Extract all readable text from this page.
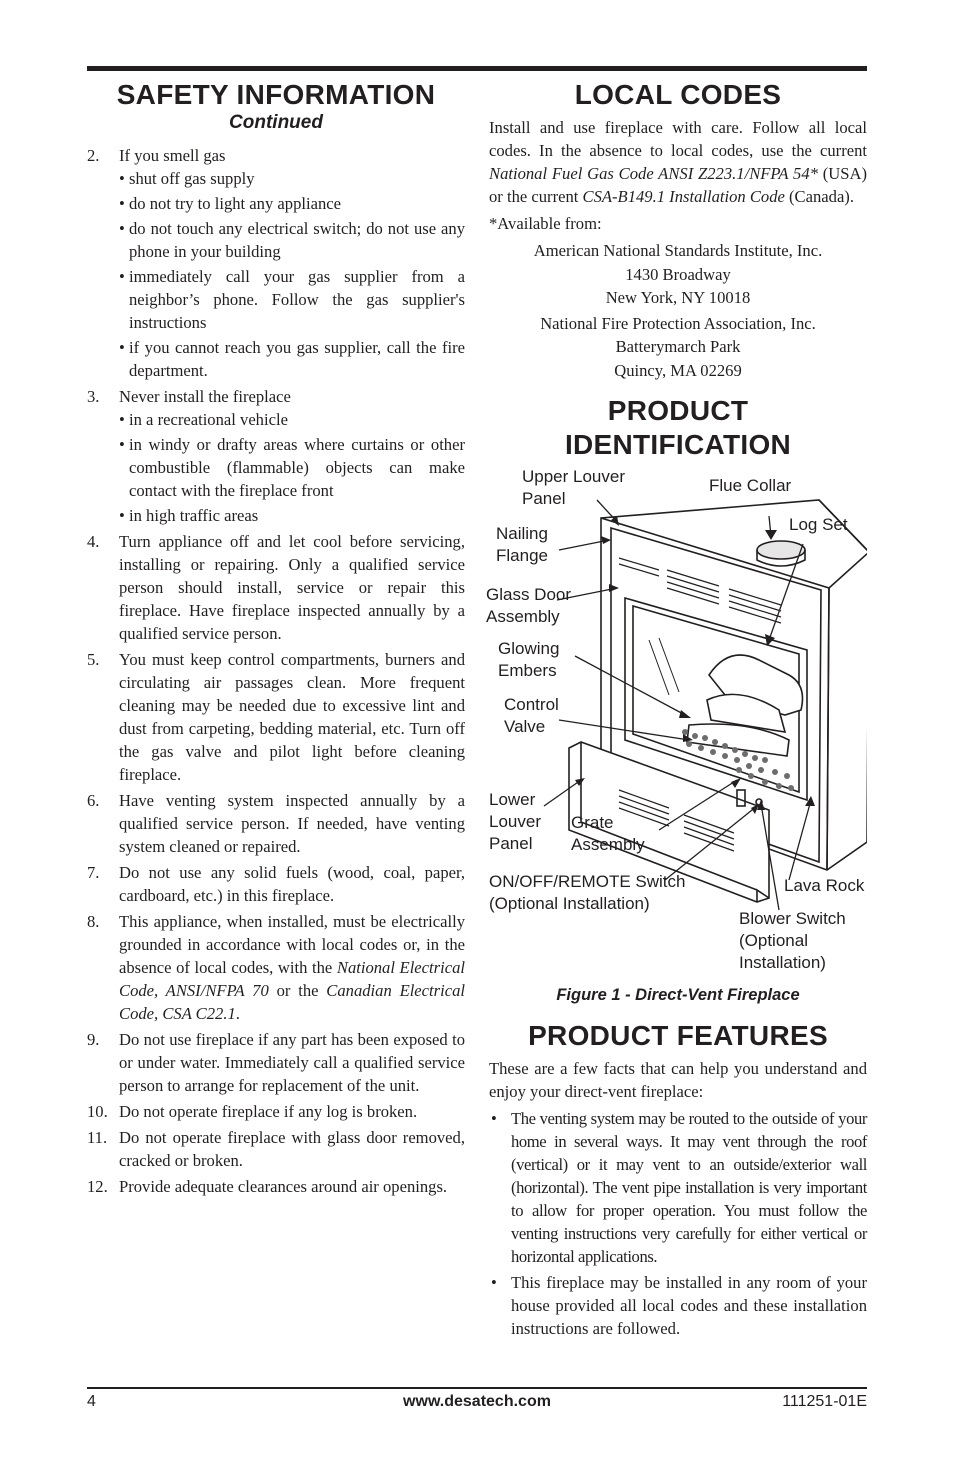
SAFETY INFORMATION
Continued
2. If you smell gas
• shut off gas supply
• do not try to light any appliance
• do not touch any electrical switch; do not use any phone in your building
• immediately call your gas supplier from a neighbor’s phone. Follow the gas supplier's instructions
• if you cannot reach you gas supplier, call the fire department.
3. Never install the fireplace
• in a recreational vehicle
• in windy or drafty areas where curtains or other combustible (flammable) objects can make contact with the fireplace front
• in high traffic areas
4. Turn appliance off and let cool before servicing, installing or repairing. Only a qualified service person should install, service or repair this fireplace. Have fireplace inspected annually by a qualified service person.
5. You must keep control compartments, burners and circulating air passages clean. More frequent cleaning may be needed due to excessive lint and dust from carpeting, bedding material, etc. Turn off the gas valve and pilot light before cleaning fireplace.
6. Have venting system inspected annually by a qualified service person. If needed, have venting system cleaned or repaired.
7. Do not use any solid fuels (wood, coal, paper, cardboard, etc.) in this fireplace.
8. This appliance, when installed, must be electrically grounded in accordance with local codes or, in the absence of local codes, with the National Electrical Code, ANSI/NFPA 70 or the Canadian Electrical Code, CSA C22.1.
9. Do not use fireplace if any part has been exposed to or under water. Immediately call a qualified service person to arrange for replacement of the unit.
10. Do not operate fireplace if any log is broken.
11. Do not operate fireplace with glass door removed, cracked or broken.
12. Provide adequate clearances around air openings.
LOCAL CODES

Install and use fireplace with care. Follow all local codes. In the absence to local codes, use the current National Fuel Gas Code ANSI Z223.1/NFPA 54* (USA) or the current CSA-B149.1 Installation Code (Canada).

*Available from:

American National Standards Institute, Inc.
1430 Broadway
New York, NY 10018
National Fire Protection Association, Inc.
Batterymarch Park
Quincy, MA 02269
PRODUCT
IDENTIFICATION
Upper Louver
Panel
Flue Collar
Log Set
Nailing
Flange
Glass Door
Assembly
Glowing
Embers
Control
Valve
Lower
Louver
Panel
Grate
Assembly
ON/OFF/REMOTE Switch
(Optional Installation)
Lava Rock
Blower Switch
(Optional
Installation)
Figure 1 - Direct-Vent Fireplace
PRODUCT FEATURES

These are a few facts that can help you understand and enjoy your direct-vent fireplace:

• The venting system may be routed to the outside of your home in several ways. It may vent through the roof (vertical) or it may vent to an outside/exterior wall (horizontal). The vent pipe installation is very important to allow for proper operation. You must follow the venting instructions very carefully for either vertical or horizontal applications.
• This fireplace may be installed in any room of your house provided all local codes and these installation instructions are followed.
4	www.desatech.com	111251-01E
